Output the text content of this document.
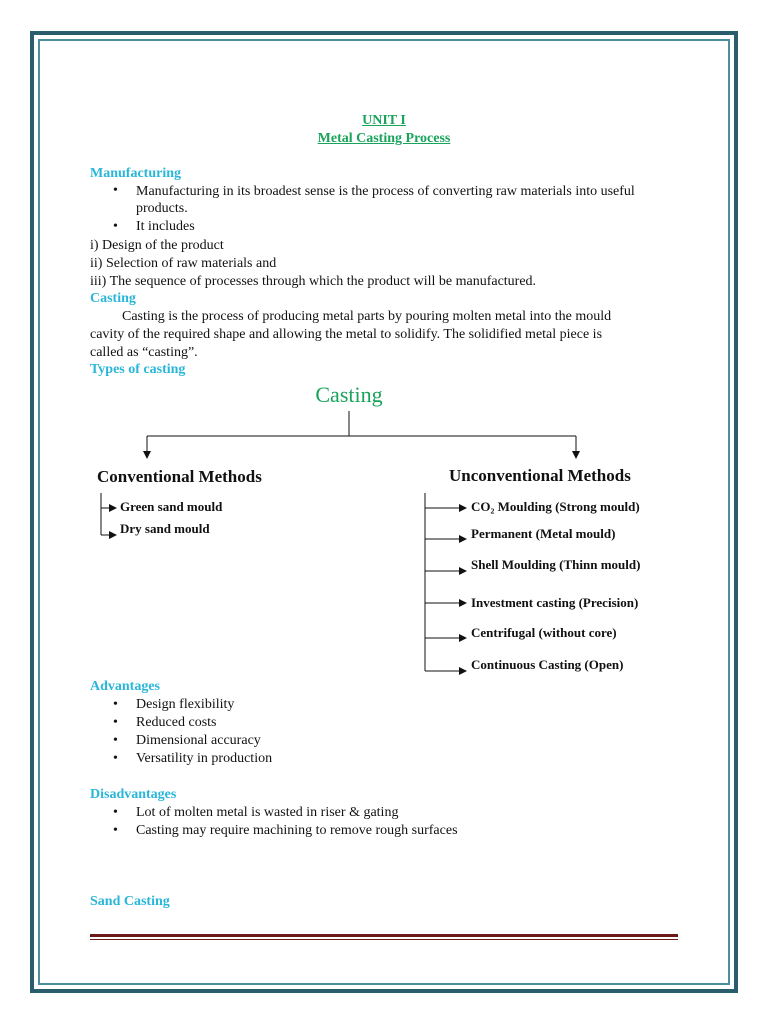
UNIT I
Metal Casting Process
Manufacturing
• Manufacturing in its broadest sense is the process of converting raw materials into useful
products.
• It includes
i) Design of the product
ii) Selection of raw materials and
iii) The sequence of processes through which the product will be manufactured.
Casting
Casting is the process of producing metal parts by pouring molten metal into the mould
cavity of the required shape and allowing the metal to solidify. The solidified metal piece is
called as “casting”.
Types of casting
Casting
Conventional Methods	Unconventional Methods
Green sand mould
Dry sand mould
CO₂ Moulding (Strong mould)
Permanent (Metal mould)
Shell Moulding (Thinn mould)
Investment casting (Precision)
Centrifugal (without core)
Continuous Casting (Open)
Advantages
• Design flexibility
• Reduced costs
• Dimensional accuracy
• Versatility in production
Disadvantages
• Lot of molten metal is wasted in riser & gating
• Casting may require machining to remove rough surfaces
Sand Casting
